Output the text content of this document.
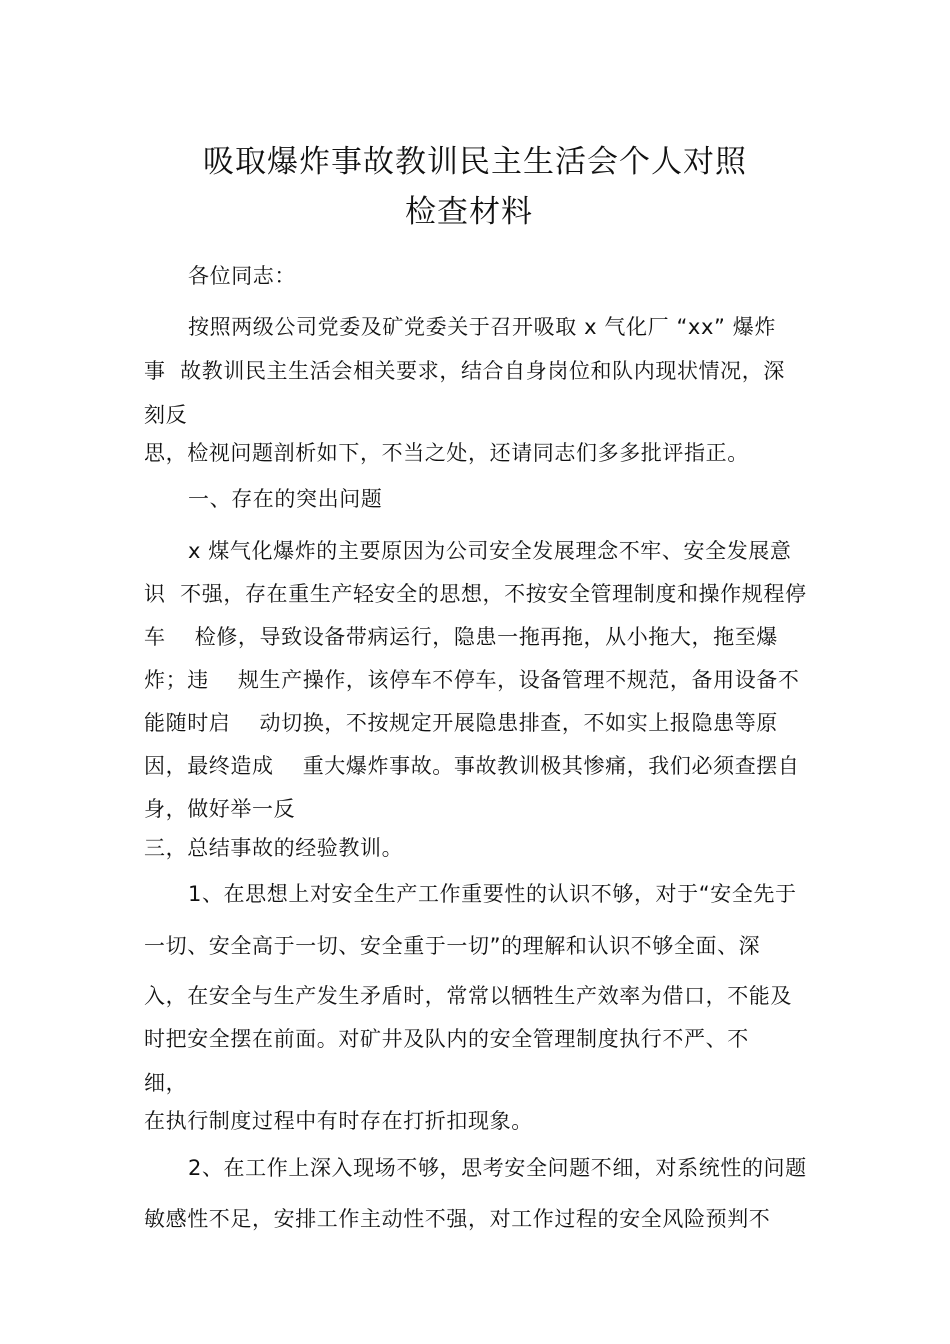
吸取爆炸事故教训民主生活会个人对照
检查材料
各位同志：
按照两级公司党委及矿党委关于召开吸取 x 气化厂 “xx” 爆炸
事  故教训民主生活会相关要求，结合自身岗位和队内现状情况，深
刻反
思，检视问题剖析如下，不当之处，还请同志们多多批评指正。
一、存在的突出问题
x 煤气化爆炸的主要原因为公司安全发展理念不牢、安全发展意
识  不强，存在重生产轻安全的思想，不按安全管理制度和操作规程停
车    检修，导致设备带病运行，隐患一拖再拖，从小拖大，拖至爆
炸；违    规生产操作，该停车不停车，设备管理不规范，备用设备不
能随时启    动切换，不按规定开展隐患排查，不如实上报隐患等原
因，最终造成    重大爆炸事故。事故教训极其惨痛，我们必须查摆自
身，做好举一反
三，总结事故的经验教训。
1、在思想上对安全生产工作重要性的认识不够，对于“安全先于
一切、安全高于一切、安全重于一切”的理解和认识不够全面、深
入，在安全与生产发生矛盾时，常常以牺牲生产效率为借口，不能及
时把安全摆在前面。对矿井及队内的安全管理制度执行不严、不
细，
在执行制度过程中有时存在打折扣现象。
2、在工作上深入现场不够，思考安全问题不细，对系统性的问题
敏感性不足，安排工作主动性不强，对工作过程的安全风险预判不
